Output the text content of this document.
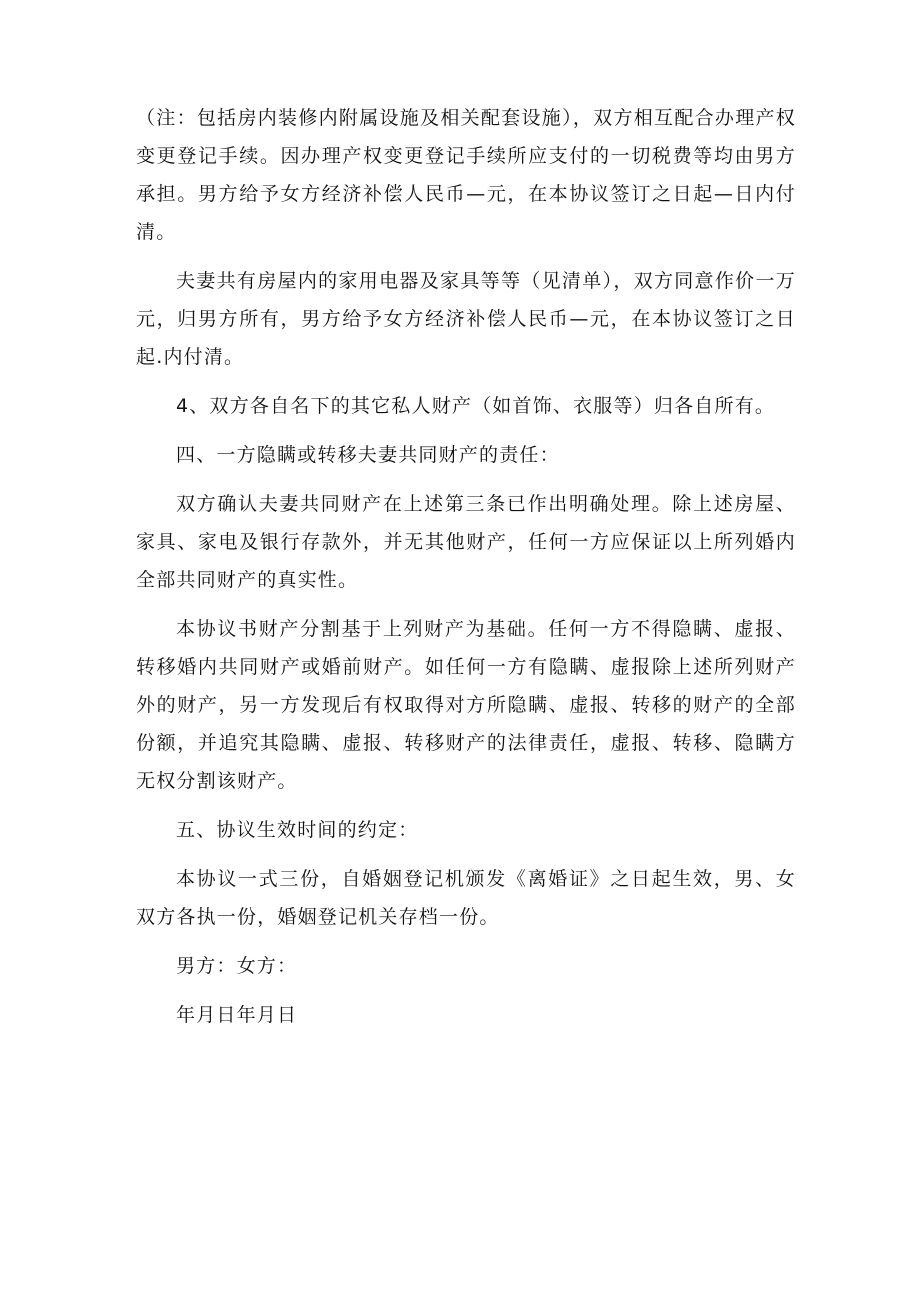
（注：包括房内装修内附属设施及相关配套设施），双方相互配合办理产权变更登记手续。因办理产权变更登记手续所应支付的一切税费等均由男方承担。男方给予女方经济补偿人民币—元，在本协议签订之日起—日内付清。

夫妻共有房屋内的家用电器及家具等等（见清单），双方同意作价一万元，归男方所有，男方给予女方经济补偿人民币—元，在本协议签订之日起.内付清。

4、双方各自名下的其它私人财产（如首饰、衣服等）归各自所有。

四、一方隐瞒或转移夫妻共同财产的责任：

双方确认夫妻共同财产在上述第三条已作出明确处理。除上述房屋、家具、家电及银行存款外，并无其他财产，任何一方应保证以上所列婚内全部共同财产的真实性。

本协议书财产分割基于上列财产为基础。任何一方不得隐瞒、虚报、转移婚内共同财产或婚前财产。如任何一方有隐瞒、虚报除上述所列财产外的财产，另一方发现后有权取得对方所隐瞒、虚报、转移的财产的全部份额，并追究其隐瞒、虚报、转移财产的法律责任，虚报、转移、隐瞒方无权分割该财产。

五、协议生效时间的约定：

本协议一式三份，自婚姻登记机颁发《离婚证》之日起生效，男、女双方各执一份，婚姻登记机关存档一份。

男方：女方：

年月日年月日
